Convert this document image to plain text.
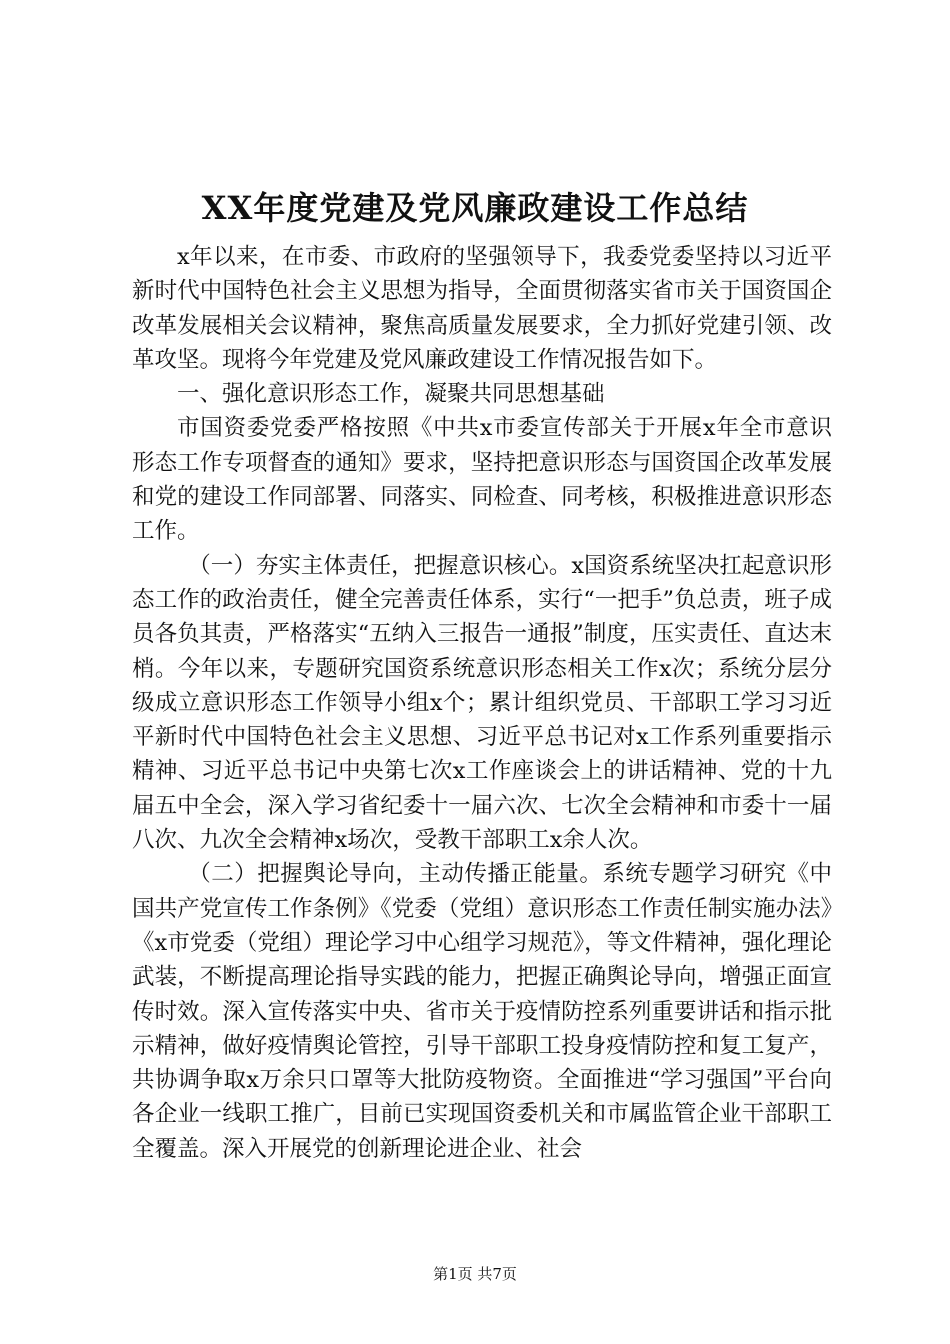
XX年度党建及党风廉政建设工作总结

x年以来，在市委、市政府的坚强领导下，我委党委坚持以习近平新时代中国特色社会主义思想为指导，全面贯彻落实省市关于国资国企改革发展相关会议精神，聚焦高质量发展要求，全力抓好党建引领、改革攻坚。现将今年党建及党风廉政建设工作情况报告如下。

一、强化意识形态工作，凝聚共同思想基础

市国资委党委严格按照《中共x市委宣传部关于开展x年全市意识形态工作专项督查的通知》要求，坚持把意识形态与国资国企改革发展和党的建设工作同部署、同落实、同检查、同考核，积极推进意识形态工作。

（一）夯实主体责任，把握意识核心。x国资系统坚决扛起意识形态工作的政治责任，健全完善责任体系，实行“一把手”负总责，班子成员各负其责，严格落实“五纳入三报告一通报”制度，压实责任、直达末梢。今年以来，专题研究国资系统意识形态相关工作x次；系统分层分级成立意识形态工作领导小组x个；累计组织党员、干部职工学习习近平新时代中国特色社会主义思想、习近平总书记对x工作系列重要指示精神、习近平总书记中央第七次x工作座谈会上的讲话精神、党的十九届五中全会，深入学习省纪委十一届六次、七次全会精神和市委十一届八次、九次全会精神x场次，受教干部职工x余人次。

（二）把握舆论导向，主动传播正能量。系统专题学习研究《中国共产党宣传工作条例》《党委（党组）意识形态工作责任制实施办法》《x市党委（党组）理论学习中心组学习规范》，等文件精神，强化理论武装，不断提高理论指导实践的能力，把握正确舆论导向，增强正面宣传时效。深入宣传落实中央、省市关于疫情防控系列重要讲话和指示批示精神，做好疫情舆论管控，引导干部职工投身疫情防控和复工复产，共协调争取x万余只口罩等大批防疫物资。全面推进“学习强国”平台向各企业一线职工推广，目前已实现国资委机关和市属监管企业干部职工全覆盖。深入开展党的创新理论进企业、社会

第1页 共7页
